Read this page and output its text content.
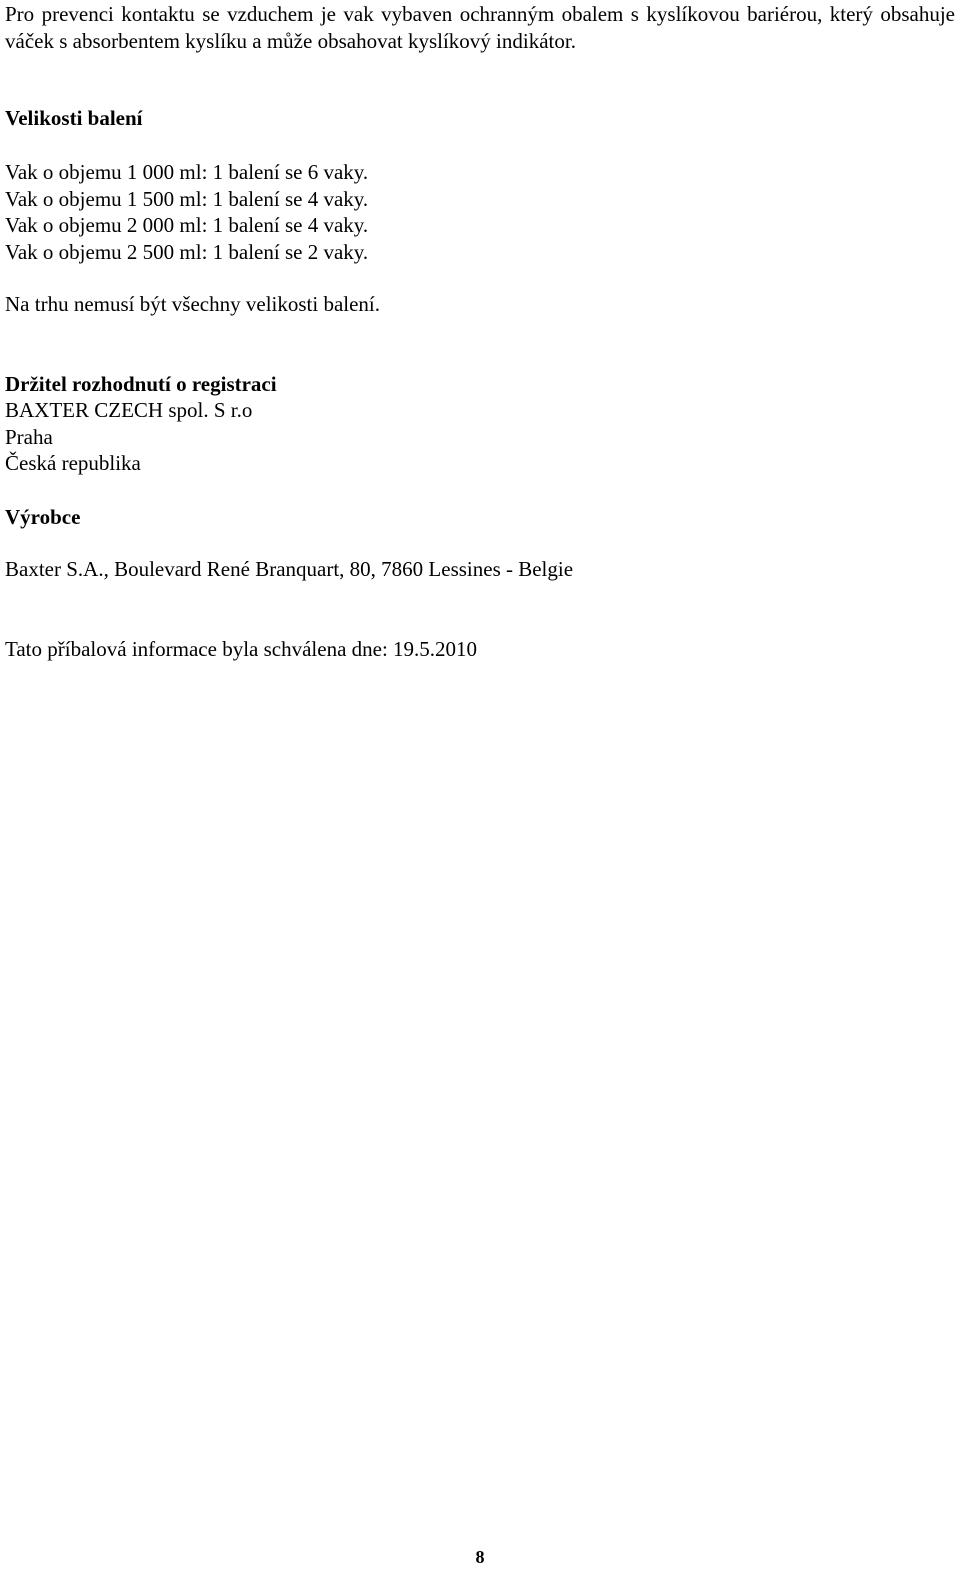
Pro prevenci kontaktu se vzduchem je vak vybaven ochranným obalem s kyslíkovou bariérou, který obsahuje váček s absorbentem kyslíku a může obsahovat kyslíkový indikátor.

Velikosti balení
Vak o objemu 1 000 ml: 1 balení se 6 vaky.
Vak o objemu 1 500 ml: 1 balení se 4 vaky.
Vak o objemu 2 000 ml: 1 balení se 4 vaky.
Vak o objemu 2 500 ml: 1 balení se 2 vaky.
Na trhu nemusí být všechny velikosti balení.
Držitel rozhodnutí o registraci
BAXTER CZECH spol. S r.o
Praha
Česká republika
Výrobce
Baxter S.A., Boulevard René Branquart, 80, 7860 Lessines - Belgie
Tato příbalová informace byla schválena dne: 19.5.2010
8
